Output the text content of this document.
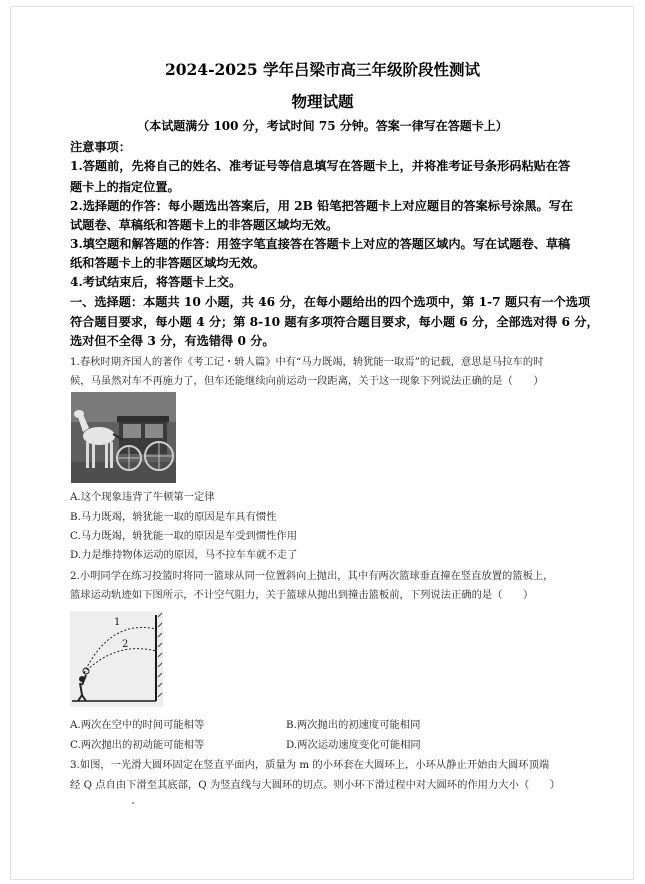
2024-2025 学年吕梁市高三年级阶段性测试
物理试题
（本试题满分 100 分，考试时间 75 分钟。答案一律写在答题卡上）
注意事项：
1.答题前，先将自己的姓名、准考证号等信息填写在答题卡上，并将准考证号条形码粘贴在答
题卡上的指定位置。
2.选择题的作答：每小题选出答案后，用 2B 铅笔把答题卡上对应题目的答案标号涂黑。写在
试题卷、草稿纸和答题卡上的非答题区域均无效。
3.填空题和解答题的作答：用签字笔直接答在答题卡上对应的答题区域内。写在试题卷、草稿
纸和答题卡上的非答题区域均无效。
4.考试结束后，将答题卡上交。
一、选择题：本题共 10 小题，共 46 分，在每小题给出的四个选项中，第 1-7 题只有一个选项
符合题目要求，每小题 4 分；第 8-10 题有多项符合题目要求，每小题 6 分，全部选对得 6 分，
选对但不全得 3 分，有选错得 0 分。
1.春秋时期齐国人的著作《考工记・辀人篇》中有“马力既竭，辀犹能一取焉”的记载，意思是马拉车的时
候，马虽然对车不再施力了，但车还能继续向前运动一段距离，关于这一现象下列说法正确的是（　　）
A.这个现象违背了牛顿第一定律
B.马力既竭，辀犹能一取的原因是车具有惯性
C.马力既竭，辀犹能一取的原因是车受到惯性作用
D.力是维持物体运动的原因，马不拉车车就不走了
2.小明同学在练习投篮时将同一篮球从同一位置斜向上抛出，其中有两次篮球垂直撞在竖直放置的篮板上，
篮球运动轨迹如下图所示，不计空气阻力，关于篮球从抛出到撞击篮板前，下列说法正确的是（　　）
1
2
A.两次在空中的时间可能相等	B.两次抛出的初速度可能相同
C.两次抛出的初动能可能相等	D.两次运动速度变化可能相同
3.如图，一光滑大圆环固定在竖直平面内，质量为 m 的小环套在大圆环上，小环从静止开始由大圆环顶端
经 Q 点自由下滑至其底部，Q 为竖直线与大圆环的切点。则小环下滑过程中对大圆环的作用力大小（　　）
